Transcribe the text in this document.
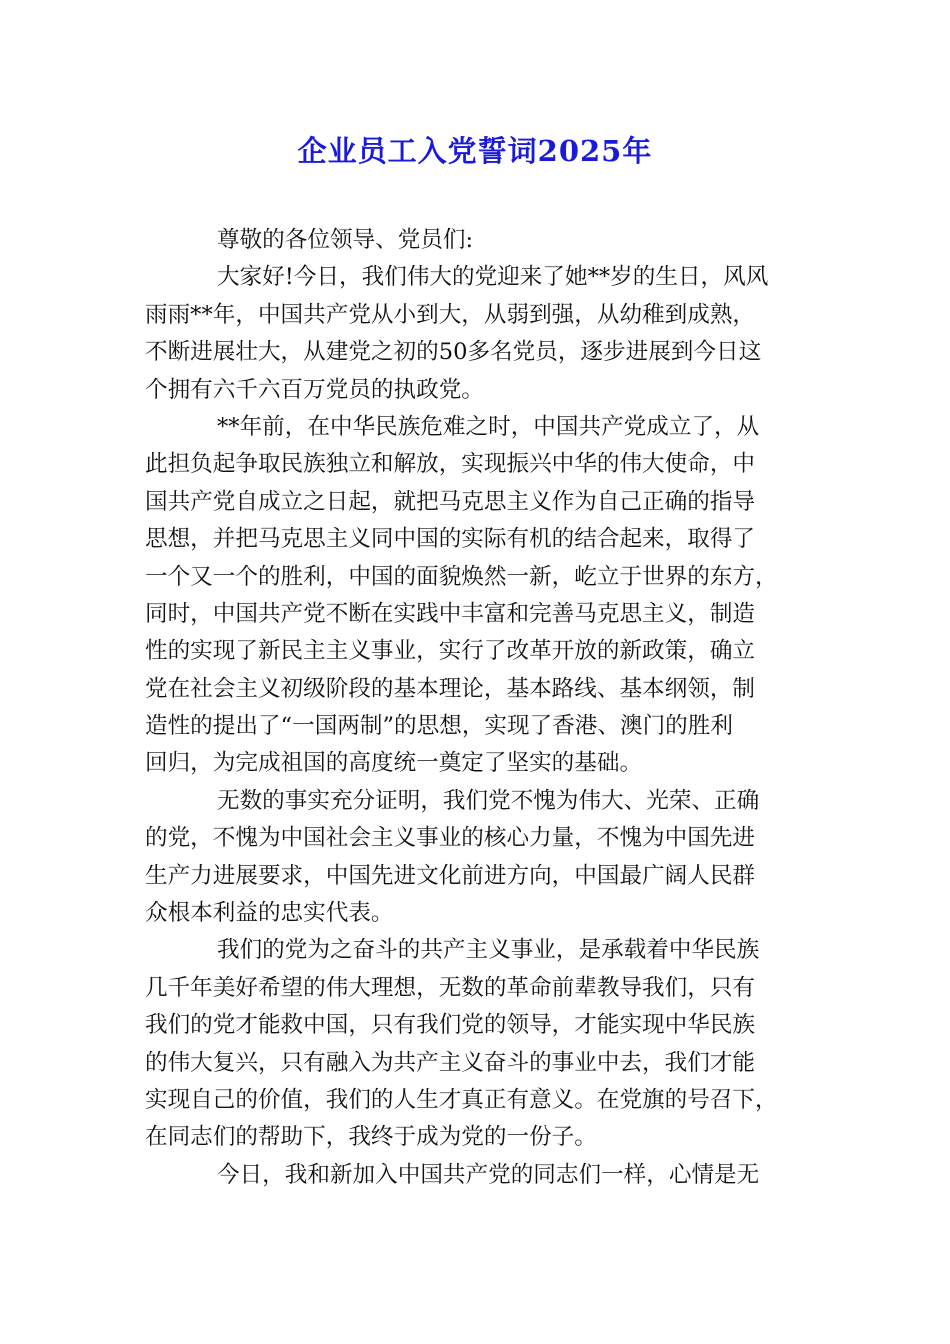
企业员工入党誓词2025年
尊敬的各位领导、党员们:
大家好!今日，我们伟大的党迎来了她**岁的生日，风风
雨雨**年，中国共产党从小到大，从弱到强，从幼稚到成熟，
不断进展壮大，从建党之初的50多名党员，逐步进展到今日这
个拥有六千六百万党员的执政党。
**年前，在中华民族危难之时，中国共产党成立了，从
此担负起争取民族独立和解放，实现振兴中华的伟大使命，中
国共产党自成立之日起，就把马克思主义作为自己正确的指导
思想，并把马克思主义同中国的实际有机的结合起来，取得了
一个又一个的胜利，中国的面貌焕然一新，屹立于世界的东方，
同时，中国共产党不断在实践中丰富和完善马克思主义，制造
性的实现了新民主主义事业，实行了改革开放的新政策，确立
党在社会主义初级阶段的基本理论，基本路线、基本纲领，制
造性的提出了“一国两制”的思想，实现了香港、澳门的胜利
回归，为完成祖国的高度统一奠定了坚实的基础。
无数的事实充分证明，我们党不愧为伟大、光荣、正确
的党，不愧为中国社会主义事业的核心力量，不愧为中国先进
生产力进展要求，中国先进文化前进方向，中国最广阔人民群
众根本利益的忠实代表。
我们的党为之奋斗的共产主义事业，是承载着中华民族
几千年美好希望的伟大理想，无数的革命前辈教导我们，只有
我们的党才能救中国，只有我们党的领导，才能实现中华民族
的伟大复兴，只有融入为共产主义奋斗的事业中去，我们才能
实现自己的价值，我们的人生才真正有意义。在党旗的号召下，
在同志们的帮助下，我终于成为党的一份子。
今日，我和新加入中国共产党的同志们一样，心情是无
